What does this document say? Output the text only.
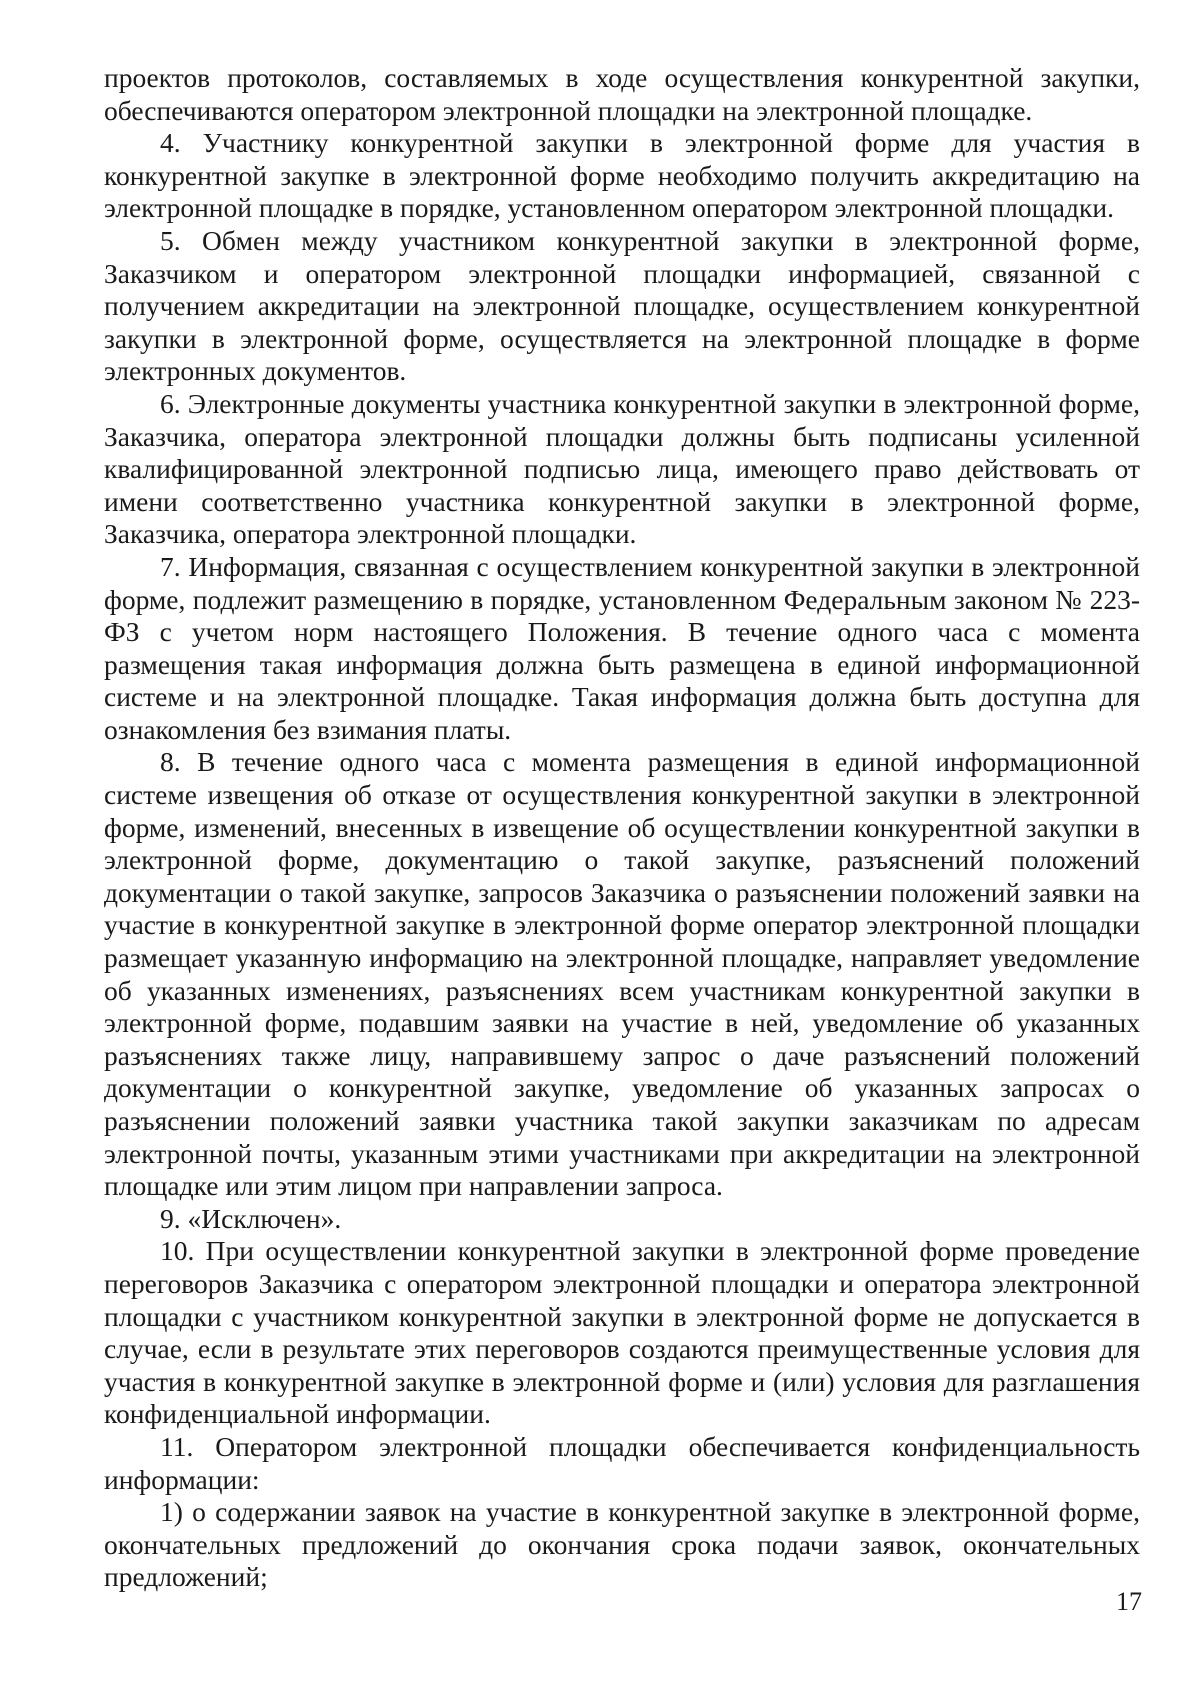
проектов протоколов, составляемых в ходе осуществления конкурентной закупки, обеспечиваются оператором электронной площадки на электронной площадке.

4. Участнику конкурентной закупки в электронной форме для участия в конкурентной закупке в электронной форме необходимо получить аккредитацию на электронной площадке в порядке, установленном оператором электронной площадки.

5. Обмен между участником конкурентной закупки в электронной форме, Заказчиком и оператором электронной площадки информацией, связанной с получением аккредитации на электронной площадке, осуществлением конкурентной закупки в электронной форме, осуществляется на электронной площадке в форме электронных документов.

6. Электронные документы участника конкурентной закупки в электронной форме, Заказчика, оператора электронной площадки должны быть подписаны усиленной квалифицированной электронной подписью лица, имеющего право действовать от имени соответственно участника конкурентной закупки в электронной форме, Заказчика, оператора электронной площадки.

7. Информация, связанная с осуществлением конкурентной закупки в электронной форме, подлежит размещению в порядке, установленном Федеральным законом № 223-ФЗ с учетом норм настоящего Положения. В течение одного часа с момента размещения такая информация должна быть размещена в единой информационной системе и на электронной площадке. Такая информация должна быть доступна для ознакомления без взимания платы.

8. В течение одного часа с момента размещения в единой информационной системе извещения об отказе от осуществления конкурентной закупки в электронной форме, изменений, внесенных в извещение об осуществлении конкурентной закупки в электронной форме, документацию о такой закупке, разъяснений положений документации о такой закупке, запросов Заказчика о разъяснении положений заявки на участие в конкурентной закупке в электронной форме оператор электронной площадки размещает указанную информацию на электронной площадке, направляет уведомление об указанных изменениях, разъяснениях всем участникам конкурентной закупки в электронной форме, подавшим заявки на участие в ней, уведомление об указанных разъяснениях также лицу, направившему запрос о даче разъяснений положений документации о конкурентной закупке, уведомление об указанных запросах о разъяснении положений заявки участника такой закупки заказчикам по адресам электронной почты, указанным этими участниками при аккредитации на электронной площадке или этим лицом при направлении запроса.

9. «Исключен».

10. При осуществлении конкурентной закупки в электронной форме проведение переговоров Заказчика с оператором электронной площадки и оператора электронной площадки с участником конкурентной закупки в электронной форме не допускается в случае, если в результате этих переговоров создаются преимущественные условия для участия в конкурентной закупке в электронной форме и (или) условия для разглашения конфиденциальной информации.

11. Оператором электронной площадки обеспечивается конфиденциальность информации:

1) о содержании заявок на участие в конкурентной закупке в электронной форме, окончательных предложений до окончания срока подачи заявок, окончательных предложений;

17
